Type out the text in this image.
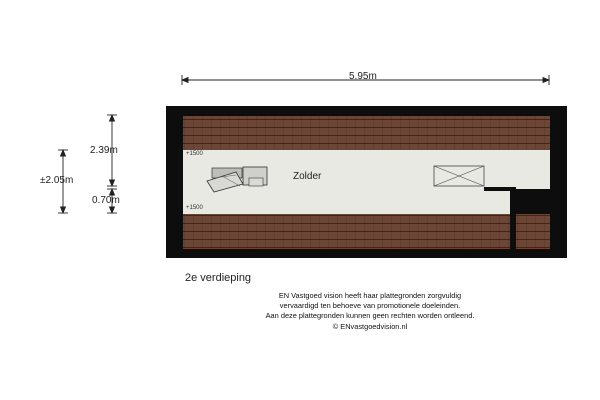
5.95m
2.39m
±2.05m
0.70m
+1500
+1500
Zolder
2e verdieping
EN Vastgoed vision heeft haar plattegronden zorgvuldig
vervaardigd ten behoeve van promotionele doeleinden.
Aan deze plattegronden kunnen geen rechten worden ontleend.
© ENvastgoedvision.nl
